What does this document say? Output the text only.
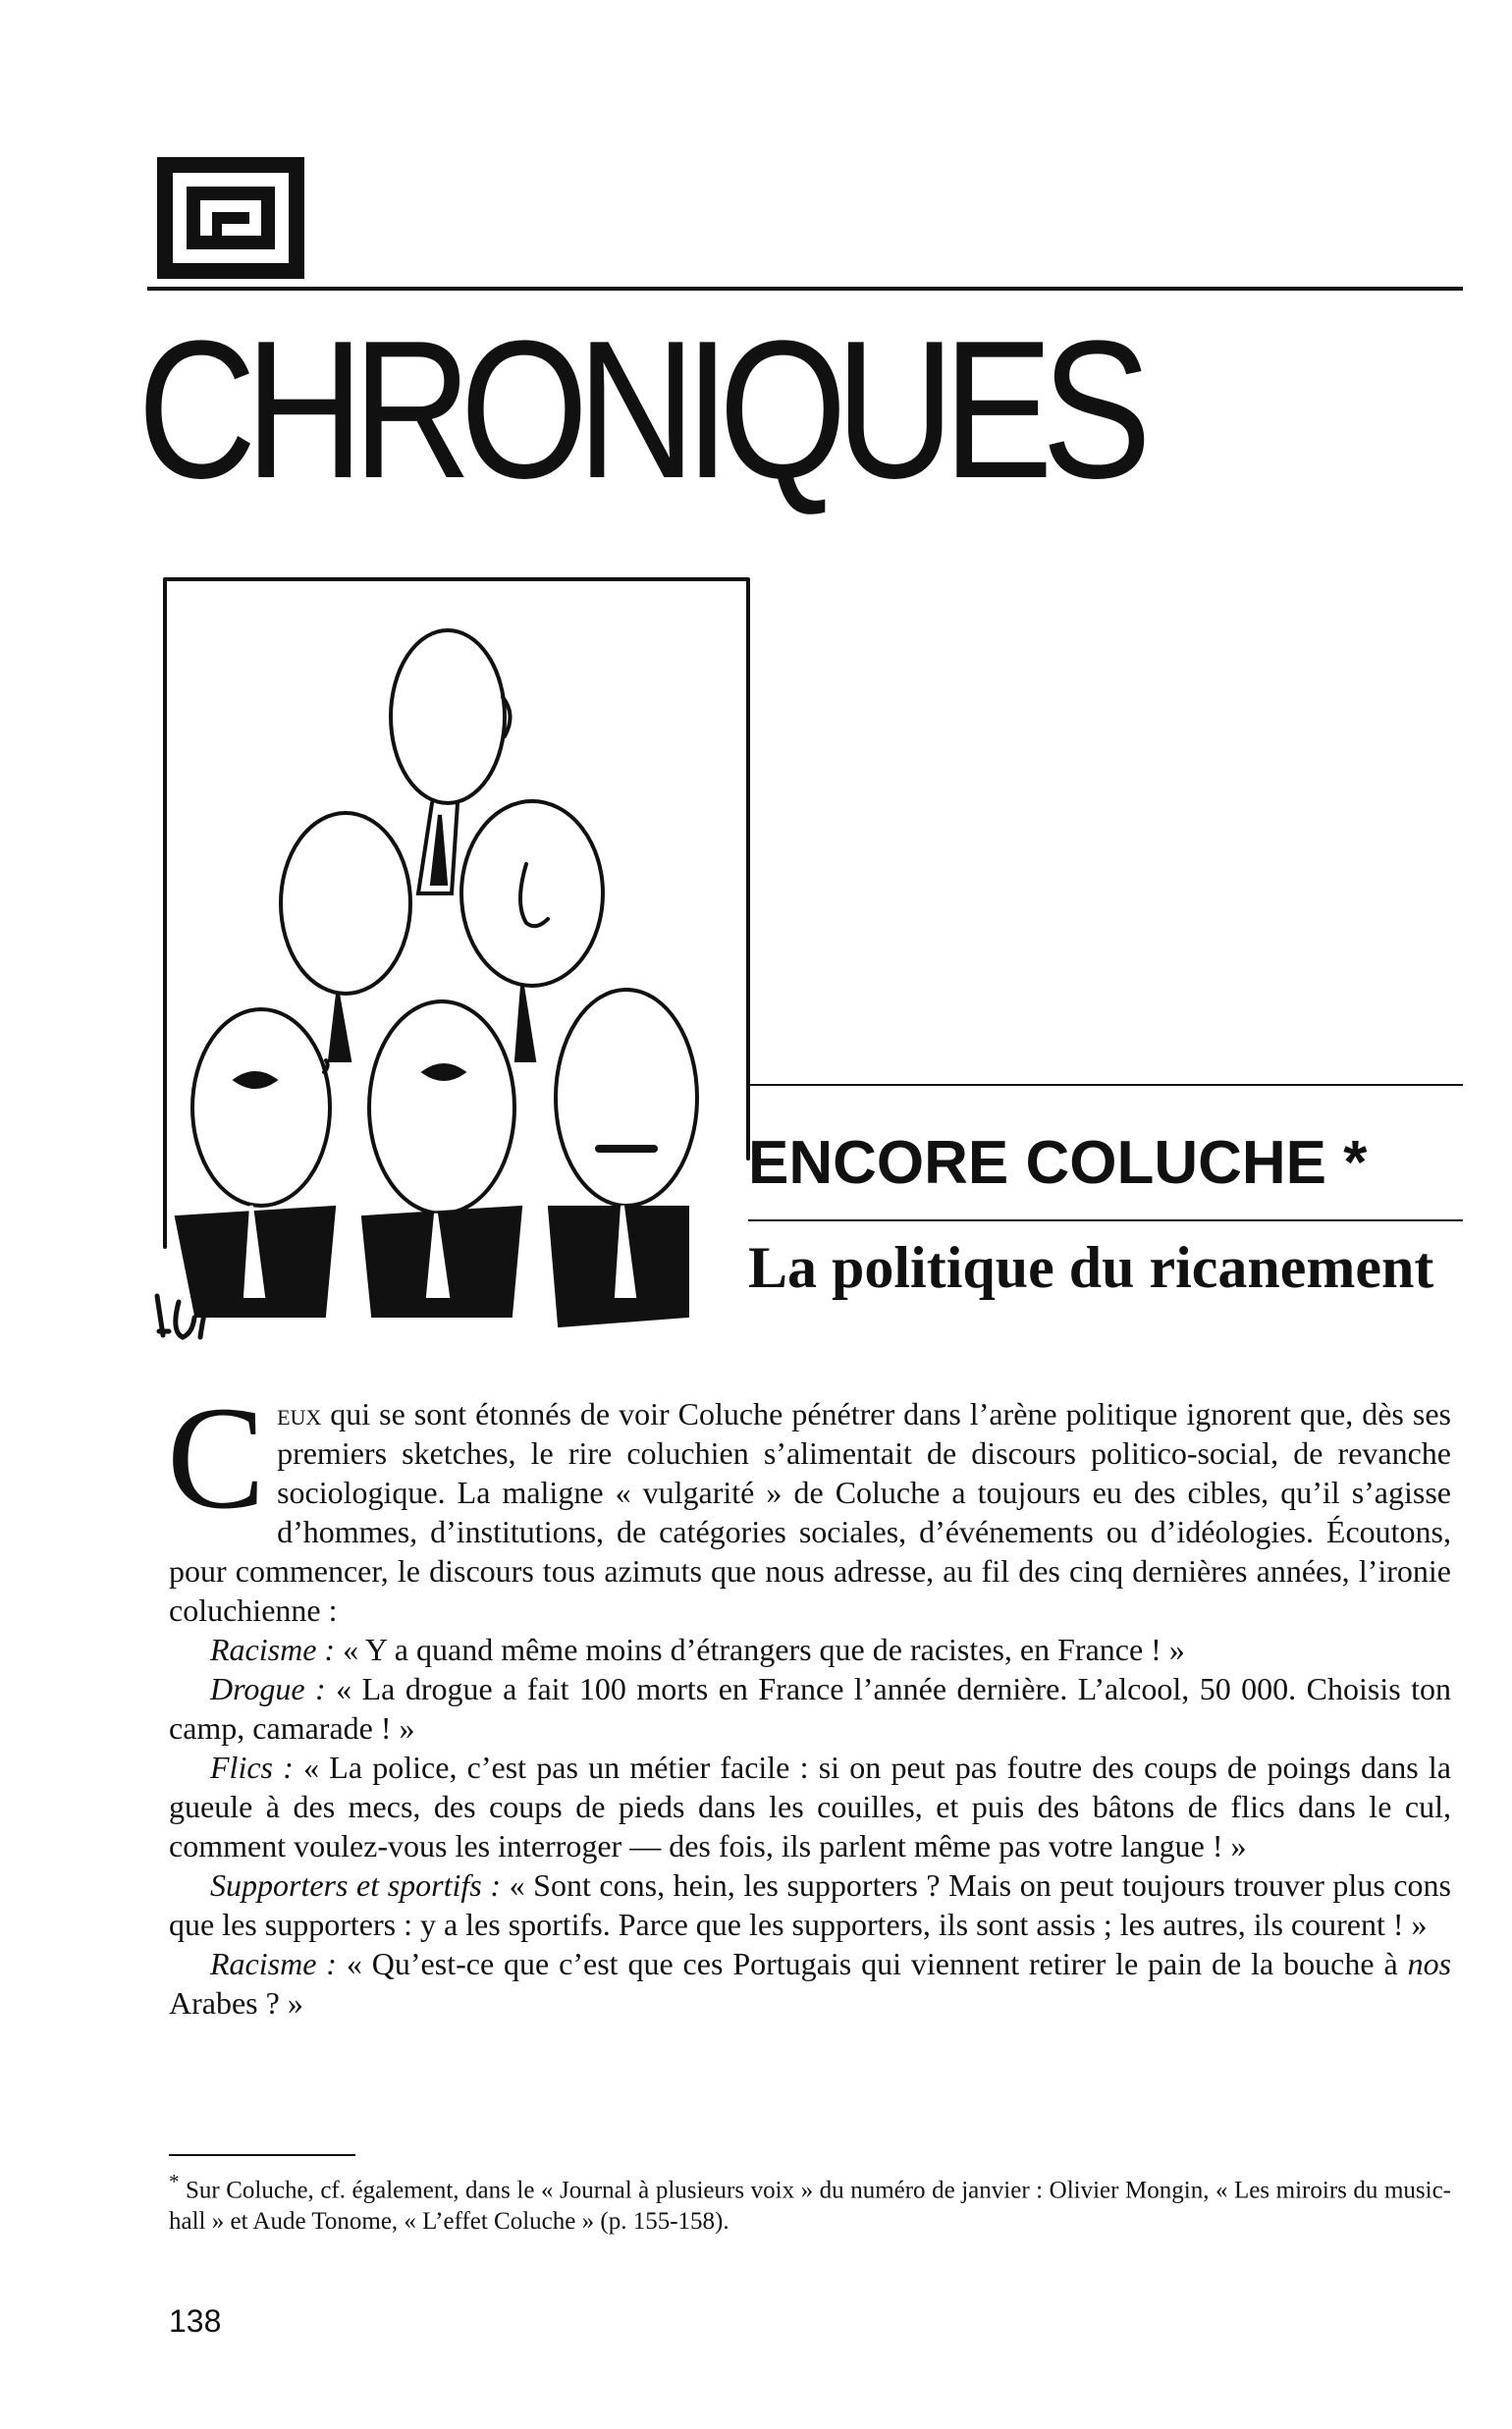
CHRONIQUES
ENCORE COLUCHE *
La politique du ricanement

Ceux qui se sont étonnés de voir Coluche pénétrer dans l’arène politique ignorent que, dès ses premiers sketches, le rire coluchien s’alimentait de discours politico-social, de revanche sociologique. La maligne « vulgarité » de Coluche a toujours eu des cibles, qu’il s’agisse d’hommes, d’institutions, de catégories sociales, d’événements ou d’idéologies. Écoutons, pour commencer, le discours tous azimuts que nous adresse, au fil des cinq dernières années, l’ironie coluchienne :

Racisme : « Y a quand même moins d’étrangers que de racistes, en France ! »

Drogue : « La drogue a fait 100 morts en France l’année dernière. L’alcool, 50 000. Choisis ton camp, camarade ! »

Flics : « La police, c’est pas un métier facile : si on peut pas foutre des coups de poings dans la gueule à des mecs, des coups de pieds dans les couilles, et puis des bâtons de flics dans le cul, comment voulez-vous les interroger — des fois, ils parlent même pas votre langue ! »

Supporters et sportifs : « Sont cons, hein, les supporters ? Mais on peut toujours trouver plus cons que les supporters : y a les sportifs. Parce que les supporters, ils sont assis ; les autres, ils courent ! »

Racisme : « Qu’est-ce que c’est que ces Portugais qui viennent retirer le pain de la bouche à nos Arabes ? »

* Sur Coluche, cf. également, dans le « Journal à plusieurs voix » du numéro de janvier : Olivier Mongin, « Les miroirs du music-hall » et Aude Tonome, « L’effet Coluche » (p. 155-158).
138
